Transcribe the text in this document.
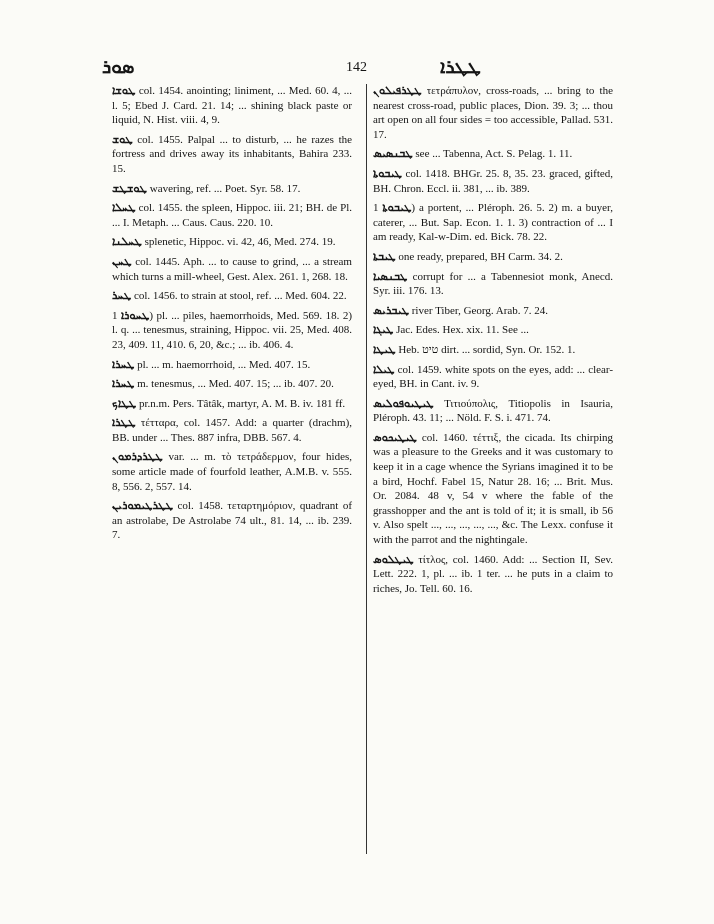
ܣܘܪ	142	ܛܛܪܐ

ܛܘܫܐ col. 1454. anointing; liniment, ... Med. 60. 4, ... l. 5; Ebed J. Card. 21. 14; ... shining black paste or liquid, N. Hist. viii. 4, 9.

ܛܘܫ col. 1455. Palpal ... to disturb, ... he razes the fortress and drives away its inhabitants, Bahira 233. 15.

ܛܘܫܛܫ wavering, ref. ... Poet. Syr. 58. 17.

ܛܚܠܐ col. 1455. the spleen, Hippoc. iii. 21; BH. de Pl. ... I. Metaph. ... Caus. Caus. 220. 10.

ܛܚܠܢܐ splenetic, Hippoc. vi. 42, 46, Med. 274. 19.

ܛܚܢ col. 1445. Aph. ... to cause to grind, ... a stream which turns a mill-wheel, Gest. Alex. 261. 1, 268. 18.

ܛܚܪ col. 1456. to strain at stool, ref. ... Med. 604. 22.

ܛܚܘܪܐ 1) pl. ... piles, haemorrhoids, Med. 569. 18. 2) l. q. ... tenesmus, straining, Hippoc. vii. 25, Med. 408. 23, 409. 11, 410. 6, 20, &c.; ... ib. 406. 4.

ܛܚܪܐ pl. ... m. haemorrhoid, ... Med. 407. 15.

ܛܚܪܐ m. tenesmus, ... Med. 407. 15; ... ib. 407. 20.

ܛܛܐܟ pr.n.m. Pers. Tâtâk, martyr, A. M. B. iv. 181 ff.

ܛܛܪܐ τέτταρα, col. 1457. Add: a quarter (drachm), BB. under ... Thes. 887 infra, DBB. 567. 4.

ܛܛܪܕܪܡܘܢ var. ... m. τὸ τετράδερμον, four hides, some article made of fourfold leather, A.M.B. v. 555. 8, 556. 2, 557. 14.

ܛܛܪܛܝܡܘܪܝܢ col. 1458. τεταρτημόριον, quadrant of an astrolabe, De Astrolabe 74 ult., 81. 14, ... ib. 239. 7.

ܛܛܪܦܝܠܘܢ τετράπυλον, cross-roads, ... bring to the nearest cross-road, public places, Dion. 39. 3; ... thou art open on all four sides = too accessible, Pallad. 531. 17.

ܛܒܢܣܝܣ see ... Tabenna, Act. S. Pelag. 1. 11.

ܛܝܒܘܬܐ col. 1418. BHGr. 25. 8, 35. 23. graced, gifted, BH. Chron. Eccl. ii. 381, ... ib. 389.

ܛܝܒܘܬܐ 1) a portent, ... Pléroph. 26. 5. 2) m. a buyer, caterer, ... But. Sap. Econ. 1. 1. 3) contraction of ... I am ready, Kal-w-Dim. ed. Bick. 78. 22.

ܛܝܒܬܐ one ready, prepared, BH Carm. 34. 2.

ܛܒܢܣܝܐ corrupt for ... a Tabennesiot monk, Anecd. Syr. iii. 176. 13.

ܛܝܒܪܝܣ river Tiber, Georg. Arab. 7. 24.

ܛܝܓܐ Jac. Edes. Hex. xix. 11. See ...

ܛܝܛܐ Heb. טיט dirt. ... sordid, Syn. Or. 152. 1.

ܛܝܠܐ col. 1459. white spots on the eyes, add: ... clear-eyed, BH. in Cant. iv. 9.

ܛܝܛܝܘܦܘܠܝܣ Τιτιούπολις, Titiopolis in Isauria, Pléroph. 43. 11; ... Nöld. F. S. i. 471. 74.

ܛܝܛܝܟܘܣ col. 1460. τέττιξ, the cicada. Its chirping was a pleasure to the Greeks and it was customary to keep it in a cage whence the Syrians imagined it to be a bird, Hochf. Fabel 15, Natur 28. 16; ... Brit. Mus. Or. 2084. 48 v, 54 v where the fable of the grasshopper and the ant is told of it; it is small, ib 56 v. Also spelt ..., ..., ..., ..., ..., &c. The Lexx. confuse it with the parrot and the nightingale.

ܛܝܛܠܘܣ τίτλος, col. 1460. Add: ... Section II, Sev. Lett. 222. 1, pl. ... ib. 1 ter. ... he puts in a claim to riches, Jo. Tell. 60. 16.
